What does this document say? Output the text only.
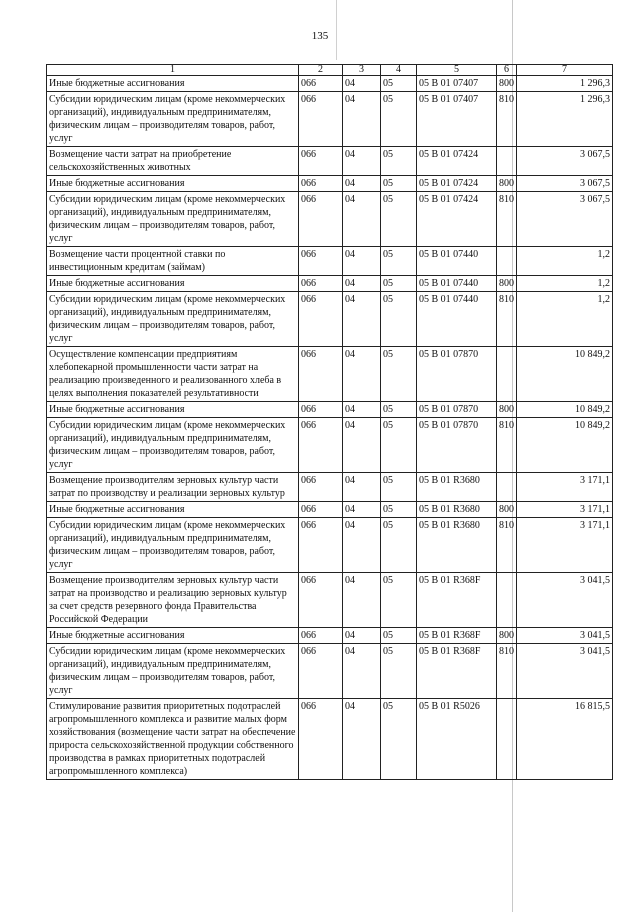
135
1	2	3	4	5	6	7
Иные бюджетные ассигнования	066	04	05	05 В 01 07407	800	1 296,3
Субсидии юридическим лицам (кроме некоммерческих организаций), индивидуальным предпринимателям, физическим лицам – производителям товаров, работ, услуг	066	04	05	05 В 01 07407	810	1 296,3
Возмещение части затрат на приобретение сельскохозяйственных животных	066	04	05	05 В 01 07424		3 067,5
Иные бюджетные ассигнования	066	04	05	05 В 01 07424	800	3 067,5
Субсидии юридическим лицам (кроме некоммерческих организаций), индивидуальным предпринимателям, физическим лицам – производителям товаров, работ, услуг	066	04	05	05 В 01 07424	810	3 067,5
Возмещение части процентной ставки по инвестиционным кредитам (займам)	066	04	05	05 В 01 07440		1,2
Иные бюджетные ассигнования	066	04	05	05 В 01 07440	800	1,2
Субсидии юридическим лицам (кроме некоммерческих организаций), индивидуальным предпринимателям, физическим лицам – производителям товаров, работ, услуг	066	04	05	05 В 01 07440	810	1,2
Осуществление компенсации предприятиям хлебопекарной промышленности части затрат на реализацию произведенного и реализованного хлеба в целях выполнения показателей результативности	066	04	05	05 В 01 07870		10 849,2
Иные бюджетные ассигнования	066	04	05	05 В 01 07870	800	10 849,2
Субсидии юридическим лицам (кроме некоммерческих организаций), индивидуальным предпринимателям, физическим лицам – производителям товаров, работ, услуг	066	04	05	05 В 01 07870	810	10 849,2
Возмещение производителям зерновых культур части затрат по производству и реализации зерновых культур	066	04	05	05 В 01 R3680		3 171,1
Иные бюджетные ассигнования	066	04	05	05 В 01 R3680	800	3 171,1
Субсидии юридическим лицам (кроме некоммерческих организаций), индивидуальным предпринимателям, физическим лицам – производителям товаров, работ, услуг	066	04	05	05 В 01 R3680	810	3 171,1
Возмещение производителям зерновых культур части затрат на производство и реализацию зерновых культур за счет средств резервного фонда Правительства Российской Федерации	066	04	05	05 В 01 R368F		3 041,5
Иные бюджетные ассигнования	066	04	05	05 В 01 R368F	800	3 041,5
Субсидии юридическим лицам (кроме некоммерческих организаций), индивидуальным предпринимателям, физическим лицам – производителям товаров, работ, услуг	066	04	05	05 В 01 R368F	810	3 041,5
Стимулирование развития приоритетных подотраслей агропромышленного комплекса и развитие малых форм хозяйствования (возмещение части затрат на обеспечение прироста сельскохозяйственной продукции собственного производства в рамках приоритетных подотраслей агропромышленного комплекса)	066	04	05	05 В 01 R5026		16 815,5
